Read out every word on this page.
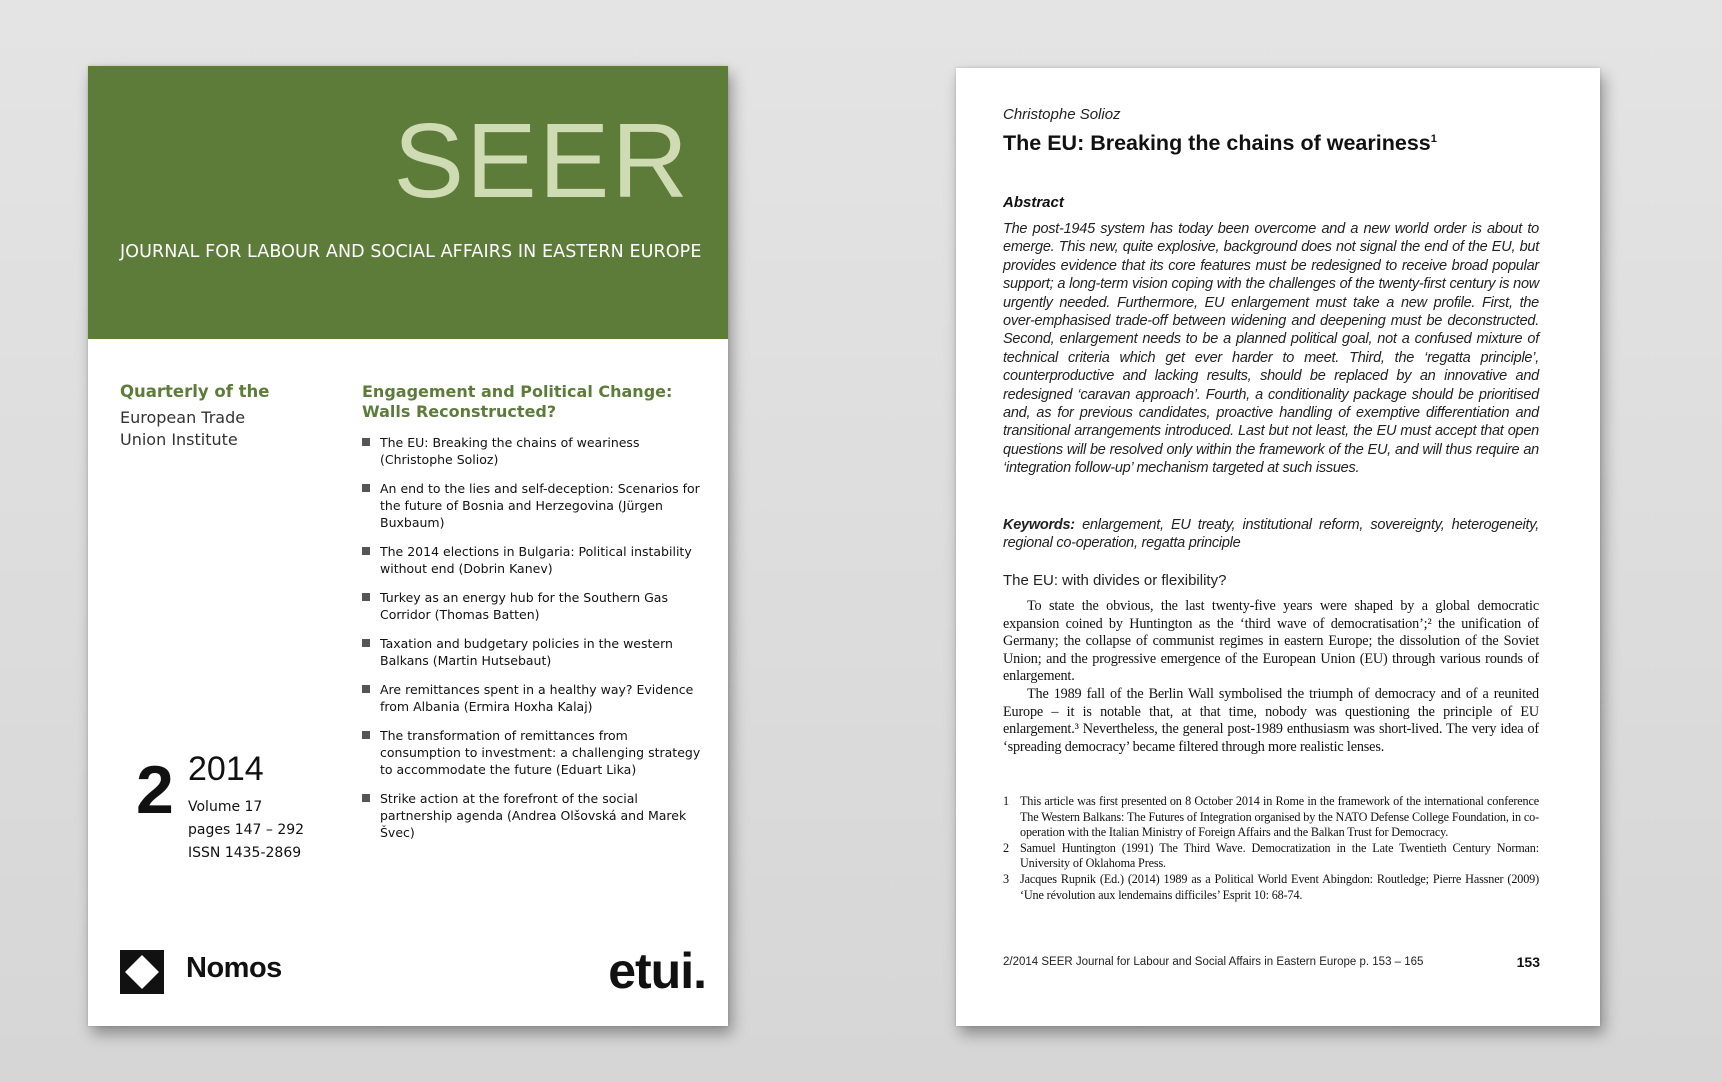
SEER
JOURNAL FOR LABOUR AND SOCIAL AFFAIRS IN EASTERN EUROPE
Quarterly of the
European Trade
Union Institute
Engagement and Political Change: Walls Reconstructed?
The EU: Breaking the chains of weariness (Christophe Solioz)
An end to the lies and self-deception: Scenarios for the future of Bosnia and Herzegovina (Jürgen Buxbaum)
The 2014 elections in Bulgaria: Political instability without end (Dobrin Kanev)
Turkey as an energy hub for the Southern Gas Corridor (Thomas Batten)
Taxation and budgetary policies in the western Balkans (Martin Hutsebaut)
Are remittances spent in a healthy way? Evidence from Albania (Ermira Hoxha Kalaj)
The transformation of remittances from consumption to investment: a challenging strategy to accommodate the future (Eduart Lika)
Strike action at the forefront of the social partnership agenda (Andrea Olšovská and Marek Švec)
2 2014
Volume 17
pages 147 – 292
ISSN 1435-2869
Nomos	etui.
Christophe Solioz
The EU: Breaking the chains of weariness$^1$
Abstract
The post-1945 system has today been overcome and a new world order is about to emerge. This new, quite explosive, background does not signal the end of the EU, but provides evidence that its core features must be redesigned to receive broad popular support; a long-term vision coping with the challenges of the twenty-first century is now urgently needed. Furthermore, EU enlargement must take a new profile. First, the over-emphasised trade-off between widening and deepening must be deconstructed. Second, enlargement needs to be a planned political goal, not a confused mixture of technical criteria which get ever harder to meet. Third, the ‘regatta principle’, counterproductive and lacking results, should be replaced by an innovative and redesigned ‘caravan approach’. Fourth, a conditionality package should be prioritised and, as for previous candidates, proactive handling of exemptive differentiation and transitional arrangements introduced. Last but not least, the EU must accept that open questions will be resolved only within the framework of the EU, and will thus require an ‘integration follow-up’ mechanism targeted at such issues.
Keywords: enlargement, EU treaty, institutional reform, sovereignty, heterogeneity, regional co-operation, regatta principle
The EU: with divides or flexibility?

To state the obvious, the last twenty-five years were shaped by a global democratic expansion coined by Huntington as the ‘third wave of democratisation’;² the unification of Germany; the collapse of communist regimes in eastern Europe; the dissolution of the Soviet Union; and the progressive emergence of the European Union (EU) through various rounds of enlargement.

The 1989 fall of the Berlin Wall symbolised the triumph of democracy and of a reunited Europe – it is notable that, at that time, nobody was questioning the principle of EU enlargement.³ Nevertheless, the general post-1989 enthusiasm was short-lived. The very idea of ‘spreading democracy’ became filtered through more realistic lenses.

1 This article was first presented on 8 October 2014 in Rome in the framework of the international conference The Western Balkans: The Futures of Integration organised by the NATO Defense College Foundation, in co-operation with the Italian Ministry of Foreign Affairs and the Balkan Trust for Democracy.
2 Samuel Huntington (1991) The Third Wave. Democratization in the Late Twentieth Century Norman: University of Oklahoma Press.
3 Jacques Rupnik (Ed.) (2014) 1989 as a Political World Event Abingdon: Routledge; Pierre Hassner (2009) ‘Une révolution aux lendemains difficiles’ Esprit 10: 68-74.
2/2014 SEER Journal for Labour and Social Affairs in Eastern Europe p. 153 – 165	153
